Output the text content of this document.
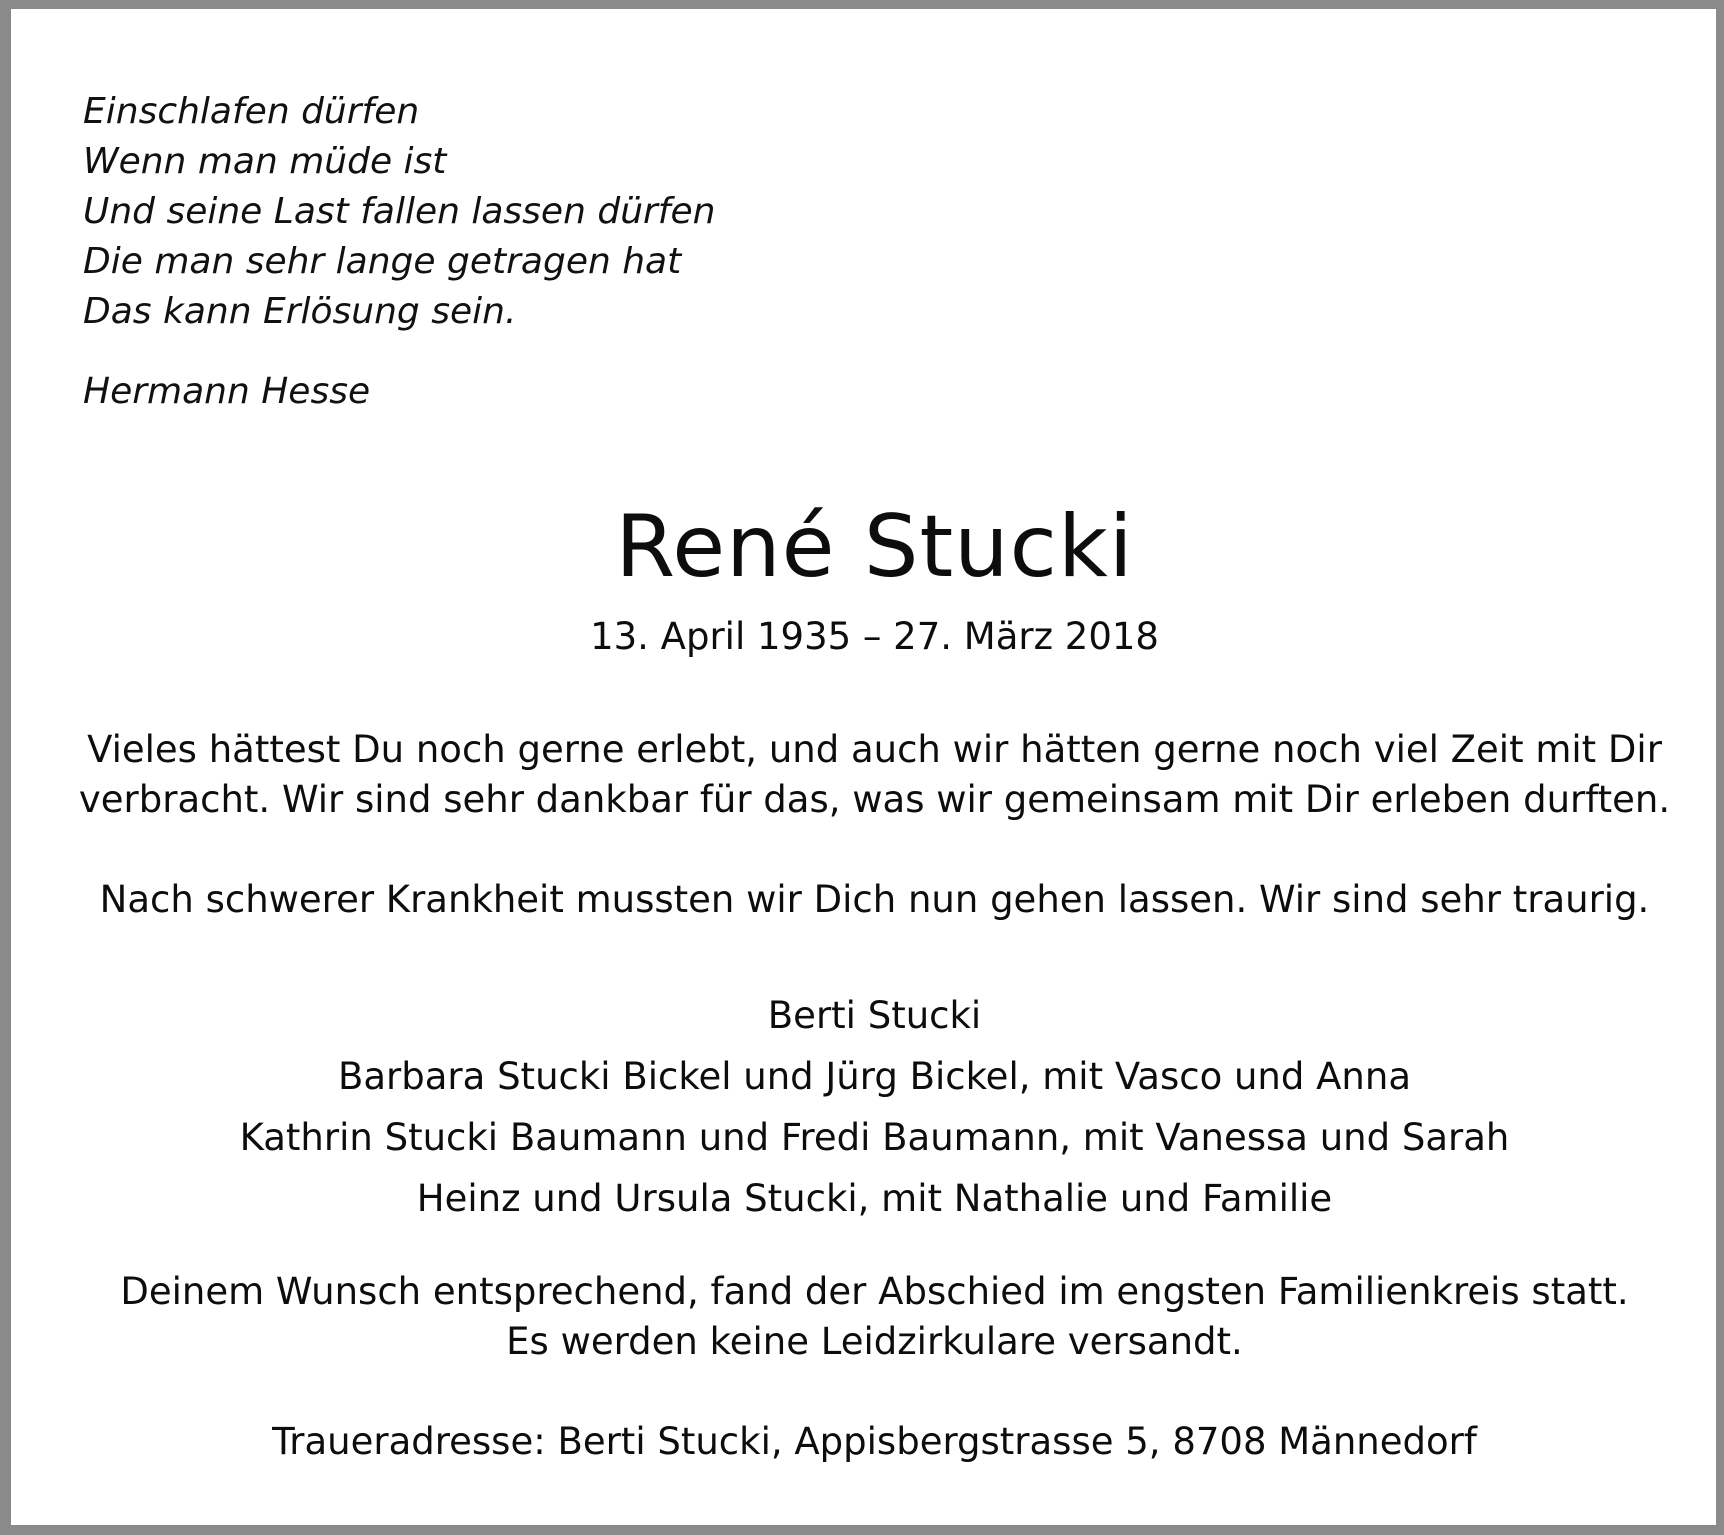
Einschlafen dürfen
Wenn man müde ist
Und seine Last fallen lassen dürfen
Die man sehr lange getragen hat
Das kann Erlösung sein.
Hermann Hesse
René Stucki
13. April 1935 – 27. März 2018
Vieles hättest Du noch gerne erlebt, und auch wir hätten gerne noch viel Zeit mit Dir
verbracht. Wir sind sehr dankbar für das, was wir gemeinsam mit Dir erleben durften.
Nach schwerer Krankheit mussten wir Dich nun gehen lassen. Wir sind sehr traurig.
Berti Stucki
Barbara Stucki Bickel und Jürg Bickel, mit Vasco und Anna
Kathrin Stucki Baumann und Fredi Baumann, mit Vanessa und Sarah
Heinz und Ursula Stucki, mit Nathalie und Familie
Deinem Wunsch entsprechend, fand der Abschied im engsten Familienkreis statt.
Es werden keine Leidzirkulare versandt.
Traueradresse: Berti Stucki, Appisbergstrasse 5, 8708 Männedorf
